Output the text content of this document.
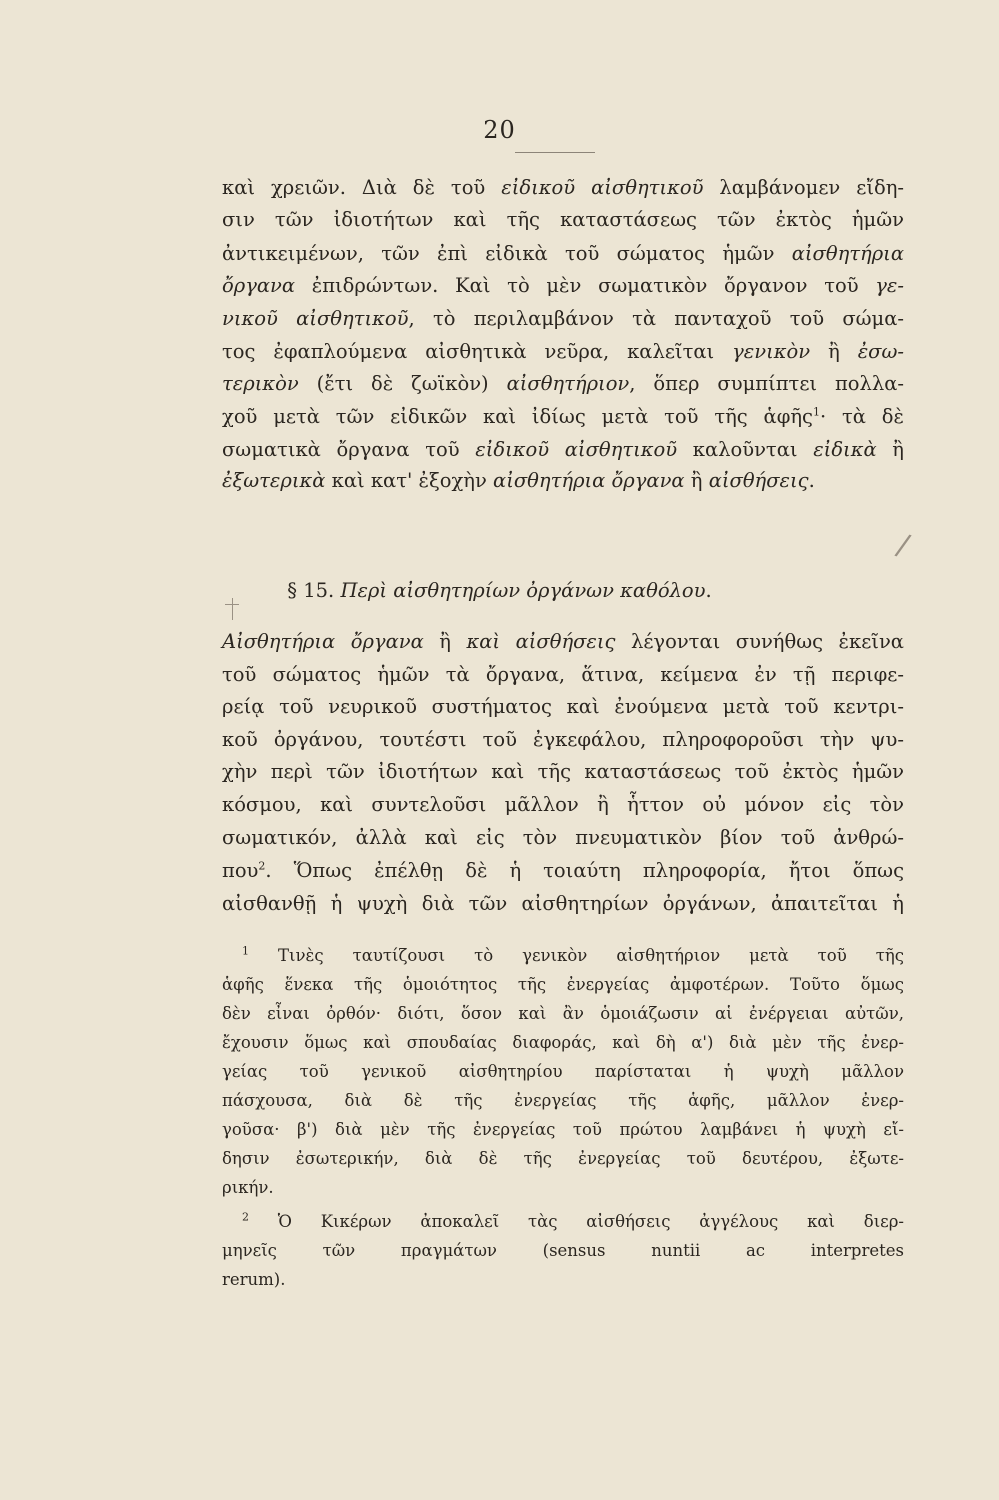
20
καὶ χρειῶν. Διὰ δὲ τοῦ εἰδικοῦ αἰσθητικοῦ λαμβάνομεν εἴδη-
σιν τῶν ἰδιοτήτων καὶ τῆς καταστάσεως τῶν ἐκτὸς ἡμῶν
ἀντικειμένων, τῶν ἐπὶ εἰδικὰ τοῦ σώματος ἡμῶν αἰσθητήρια
ὄργανα ἐπιδρώντων. Καὶ τὸ μὲν σωματικὸν ὄργανον τοῦ γε-
νικοῦ αἰσθητικοῦ, τὸ περιλαμβάνον τὰ πανταχοῦ τοῦ σώμα-
τος ἐφαπλούμενα αἰσθητικὰ νεῦρα, καλεῖται γενικὸν ἢ ἐσω-
τερικὸν (ἔτι δὲ ζωϊκὸν) αἰσθητήριον, ὅπερ συμπίπτει πολλα-
χοῦ μετὰ τῶν εἰδικῶν καὶ ἰδίως μετὰ τοῦ τῆς ἁφῆς$^1$· τὰ δὲ
σωματικὰ ὄργανα τοῦ εἰδικοῦ αἰσθητικοῦ καλοῦνται εἰδικὰ ἢ
ἐξωτερικὰ καὶ κατ' ἐξοχὴν αἰσθητήρια ὄργανα ἢ αἰσθήσεις.
/
§ 15. Περὶ αἰσθητηρίων ὀργάνων καθόλου.
Αἰσθητήρια ὄργανα ἢ καὶ αἰσθήσεις λέγονται συνήθως ἐκεῖνα
τοῦ σώματος ἡμῶν τὰ ὄργανα, ἅτινα, κείμενα ἐν τῇ περιφε-
ρείᾳ τοῦ νευρικοῦ συστήματος καὶ ἐνούμενα μετὰ τοῦ κεντρι-
κοῦ ὀργάνου, τουτέστι τοῦ ἐγκεφάλου, πληροφοροῦσι τὴν ψυ-
χὴν περὶ τῶν ἰδιοτήτων καὶ τῆς καταστάσεως τοῦ ἐκτὸς ἡμῶν
κόσμου, καὶ συντελοῦσι μᾶλλον ἢ ἧττον οὐ μόνον εἰς τὸν
σωματικόν, ἀλλὰ καὶ εἰς τὸν πνευματικὸν βίον τοῦ ἀνθρώ-
που$^2$. Ὅπως ἐπέλθῃ δὲ ἡ τοιαύτη πληροφορία, ἤτοι ὅπως
αἰσθανθῇ ἡ ψυχὴ διὰ τῶν αἰσθητηρίων ὀργάνων, ἀπαιτεῖται ἡ
$^1$ Τινὲς ταυτίζουσι τὸ γενικὸν αἰσθητήριον μετὰ τοῦ τῆς
ἁφῆς ἕνεκα τῆς ὁμοιότητος τῆς ἐνεργείας ἀμφοτέρων. Τοῦτο ὅμως
δὲν εἶναι ὀρθόν· διότι, ὅσον καὶ ἂν ὁμοιάζωσιν αἱ ἐνέργειαι αὐτῶν,
ἔχουσιν ὅμως καὶ σπουδαίας διαφοράς, καὶ δὴ α') διὰ μὲν τῆς ἐνερ-
γείας τοῦ γενικοῦ αἰσθητηρίου παρίσταται ἡ ψυχὴ μᾶλλον
πάσχουσα, διὰ δὲ τῆς ἐνεργείας τῆς ἁφῆς, μᾶλλον ἐνερ-
γοῦσα· β') διὰ μὲν τῆς ἐνεργείας τοῦ πρώτου λαμβάνει ἡ ψυχὴ εἴ-
δησιν ἐσωτερικήν, διὰ δὲ τῆς ἐνεργείας τοῦ δευτέρου, ἐξωτε-
ρικήν.
$^2$ Ὁ Κικέρων ἀποκαλεῖ τὰς αἰσθήσεις ἀγγέλους καὶ διερ-
μηνεῖς τῶν πραγμάτων (sensus nuntii ac interpretes
rerum).
